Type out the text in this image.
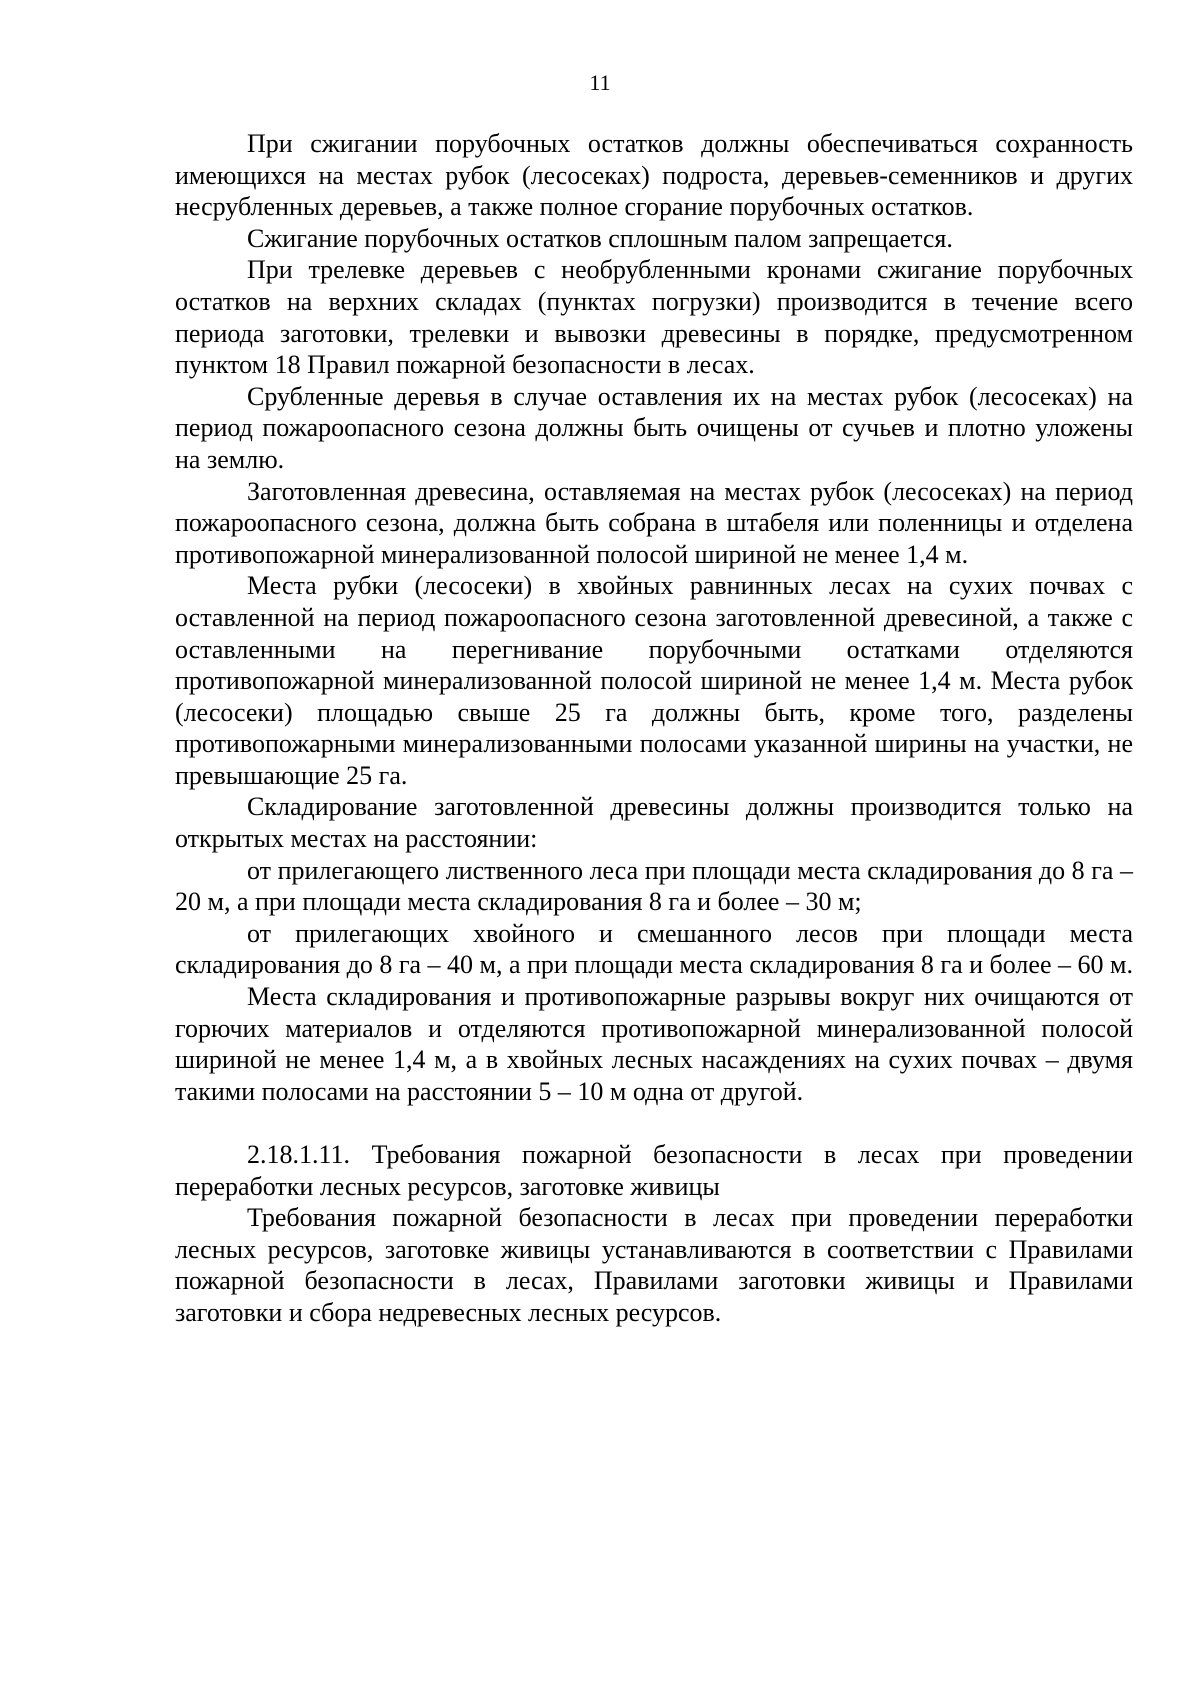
11

При сжигании порубочных остатков должны обеспечиваться сохранность имеющихся на местах рубок (лесосеках) подроста, деревьев-семенников и других несрубленных деревьев, а также полное сгорание порубочных остатков.

Сжигание порубочных остатков сплошным палом запрещается.

При трелевке деревьев с необрубленными кронами сжигание порубочных остатков на верхних складах (пунктах погрузки) производится в течение всего периода заготовки, трелевки и вывозки древесины в порядке, предусмотренном пунктом 18 Правил пожарной безопасности в лесах.

Срубленные деревья в случае оставления их на местах рубок (лесосеках) на период пожароопасного сезона должны быть очищены от сучьев и плотно уложены на землю.

Заготовленная древесина, оставляемая на местах рубок (лесосеках) на период пожароопасного сезона, должна быть собрана в штабеля или поленницы и отделена противопожарной минерализованной полосой шириной не менее 1,4 м.

Места рубки (лесосеки) в хвойных равнинных лесах на сухих почвах с оставленной на период пожароопасного сезона заготовленной древесиной, а также с оставленными на перегнивание порубочными остатками отделяются противопожарной минерализованной полосой шириной не менее 1,4 м. Места рубок (лесосеки) площадью свыше 25 га должны быть, кроме того, разделены противопожарными минерализованными полосами указанной ширины на участки, не превышающие 25 га.

Складирование заготовленной древесины должны производится только на открытых местах на расстоянии:

от прилегающего лиственного леса при площади места складирования до 8 га – 20 м, а при площади места складирования 8 га и более – 30 м;

от прилегающих хвойного и смешанного лесов при площади места складирования до 8 га – 40 м, а при площади места складирования 8 га и более – 60 м.

Места складирования и противопожарные разрывы вокруг них очищаются от горючих материалов и отделяются противопожарной минерализованной полосой шириной не менее 1,4 м, а в хвойных лесных насаждениях на сухих почвах – двумя такими полосами на расстоянии 5 – 10 м одна от другой.

2.18.1.11. Требования пожарной безопасности в лесах при проведении переработки лесных ресурсов, заготовке живицы

Требования пожарной безопасности в лесах при проведении переработки лесных ресурсов, заготовке живицы устанавливаются в соответствии с Правилами пожарной безопасности в лесах, Правилами заготовки живицы и Правилами заготовки и сбора недревесных лесных ресурсов.
